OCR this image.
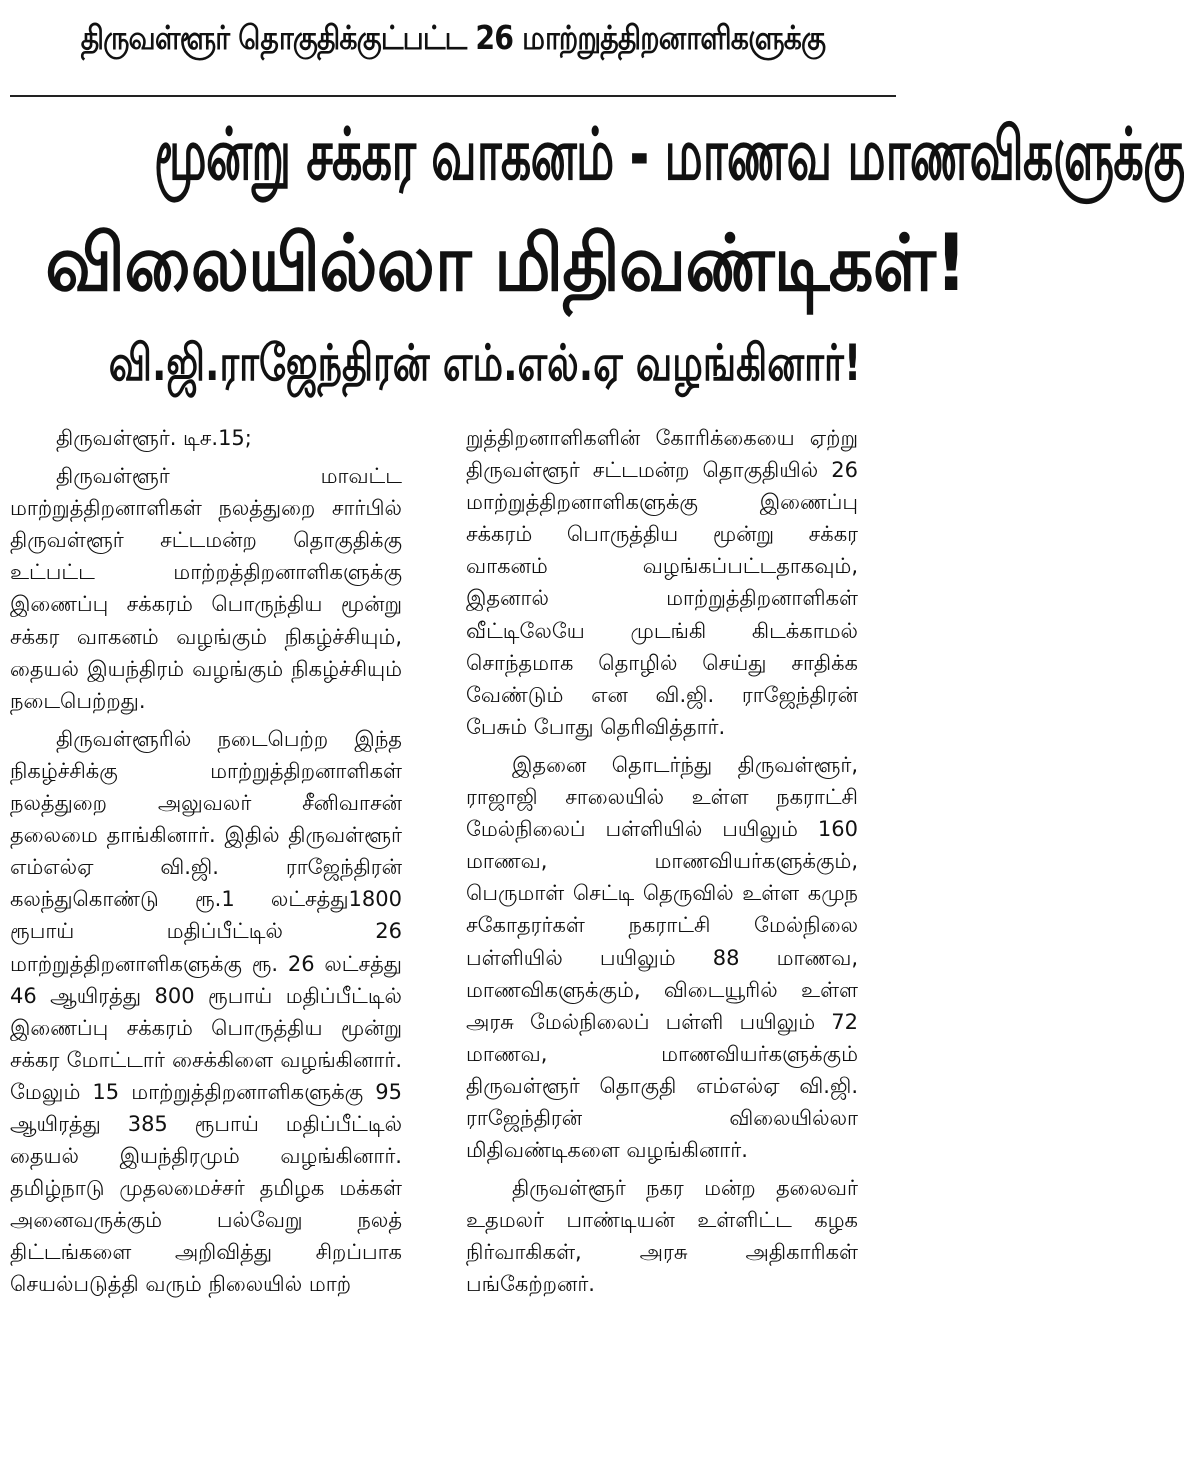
திருவள்ளூர் தொகுதிக்குட்பட்ட 26 மாற்றுத்திறனாளிகளுக்கு
மூன்று சக்கர வாகனம் - மாணவ மாணவிகளுக்கு
விலையில்லா மிதிவண்டிகள்!
வி.ஜி.ராஜேந்திரன் எம்.எல்.ஏ வழங்கினார்!

திருவள்ளூர். டிச.15;

திருவள்ளூர் மாவட்ட மாற்றுத்திறனாளிகள் நலத்துறை சார்பில் திருவள்ளூர் சட்டமன்ற தொகுதிக்கு உட்பட்ட மாற்றத்திறனாளிகளுக்கு இணைப்பு சக்கரம் பொருந்திய மூன்று சக்கர வாகனம் வழங்கும் நிகழ்ச்சியும், தையல் இயந்திரம் வழங்கும் நிகழ்ச்சியும் நடைபெற்றது.

திருவள்ளூரில் நடைபெற்ற இந்த நிகழ்ச்சிக்கு மாற்றுத்திறனாளிகள் நலத்துறை அலுவலர் சீனிவாசன் தலைமை தாங்கினார். இதில் திருவள்ளூர் எம்எல்ஏ வி.ஜி. ராஜேந்திரன் கலந்துகொண்டு ரூ.1 லட்சத்து1800 ரூபாய் மதிப்பீட்டில் 26 மாற்றுத்திறனாளிகளுக்கு ரூ. 26 லட்சத்து 46 ஆயிரத்து 800 ரூபாய் மதிப்பீட்டில் இணைப்பு சக்கரம் பொருத்திய மூன்று சக்கர மோட்டார் சைக்கிளை வழங்கினார். மேலும் 15 மாற்றுத்திறனாளிகளுக்கு 95 ஆயிரத்து 385 ரூபாய் மதிப்பீட்டில் தையல் இயந்திரமும் வழங்கினார். தமிழ்நாடு முதலமைச்சர் தமிழக மக்கள் அனைவருக்கும் பல்வேறு நலத் திட்டங்களை அறிவித்து சிறப்பாக செயல்படுத்தி வரும் நிலையில் மாற்

றுத்திறனாளிகளின் கோரிக்கையை ஏற்று திருவள்ளூர் சட்டமன்ற தொகுதியில் 26 மாற்றுத்திறனாளிகளுக்கு இணைப்பு சக்கரம் பொருத்திய மூன்று சக்கர வாகனம் வழங்கப்பட்டதாகவும், இதனால் மாற்றுத்திறனாளிகள் வீட்டிலேயே முடங்கி கிடக்காமல் சொந்தமாக தொழில் செய்து சாதிக்க வேண்டும் என வி.ஜி. ராஜேந்திரன் பேசும் போது தெரிவித்தார்.

இதனை தொடர்ந்து திருவள்ளூர், ராஜாஜி சாலையில் உள்ள நகராட்சி மேல்நிலைப் பள்ளியில் பயிலும் 160 மாணவ, மாணவியர்களுக்கும், பெருமாள் செட்டி தெருவில் உள்ள கமுந சகோதரர்கள் நகராட்சி மேல்நிலை பள்ளியில் பயிலும் 88 மாணவ, மாணவிகளுக்கும், விடையூரில் உள்ள அரசு மேல்நிலைப் பள்ளி பயிலும் 72 மாணவ, மாணவியர்களுக்கும் திருவள்ளூர் தொகுதி எம்எல்ஏ வி.ஜி. ராஜேந்திரன் விலையில்லா மிதிவண்டிகளை வழங்கினார்.

திருவள்ளூர் நகர மன்ற தலைவர் உதமலர் பாண்டியன் உள்ளிட்ட கழக நிர்வாகிகள், அரசு அதிகாரிகள் பங்கேற்றனர்.
